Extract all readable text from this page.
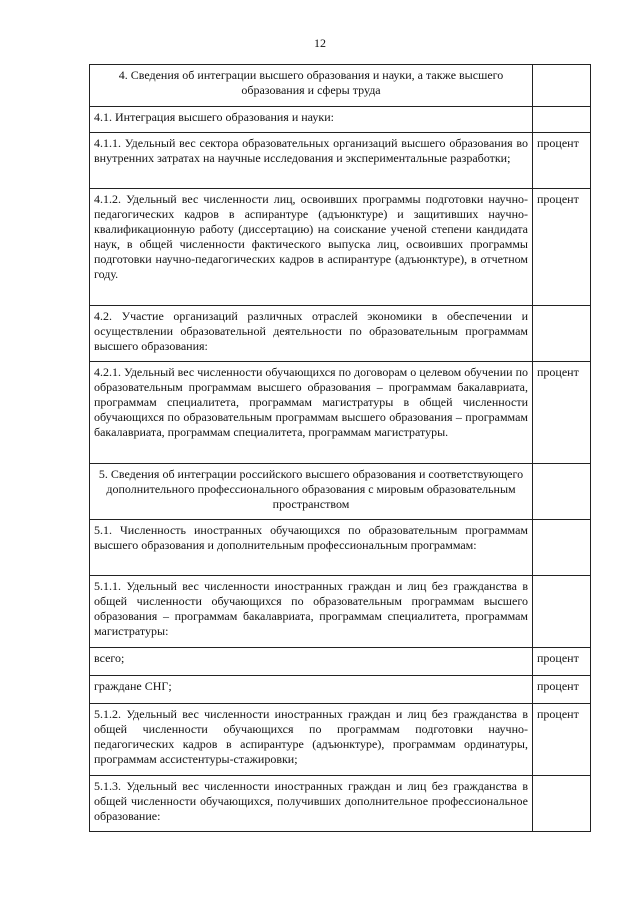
12
4. Сведения об интеграции высшего образования и науки, а также высшего образования и сферы труда	
4.1. Интеграция высшего образования и науки:	
4.1.1. Удельный вес сектора образовательных организаций высшего образования во внутренних затратах на научные исследования и экспериментальные разработки;	процент
4.1.2. Удельный вес численности лиц, освоивших программы подготовки научно-педагогических кадров в аспирантуре (адъюнктуре) и защитивших научно-квалификационную работу (диссертацию) на соискание ученой степени кандидата наук, в общей численности фактического выпуска лиц, освоивших программы подготовки научно-педагогических кадров в аспирантуре (адъюнктуре), в отчетном году.	процент
4.2. Участие организаций различных отраслей экономики в обеспечении и осуществлении образовательной деятельности по образовательным программам высшего образования:	
4.2.1. Удельный вес численности обучающихся по договорам о целевом обучении по образовательным программам высшего образования – программам бакалавриата, программам специалитета, программам магистратуры в общей численности обучающихся по образовательным программам высшего образования – программам бакалавриата, программам специалитета, программам магистратуры.	процент
5. Сведения об интеграции российского высшего образования и соответствующего дополнительного профессионального образования с мировым образовательным пространством	
5.1. Численность иностранных обучающихся по образовательным программам высшего образования и дополнительным профессиональным программам:	
5.1.1. Удельный вес численности иностранных граждан и лиц без гражданства в общей численности обучающихся по образовательным программам высшего образования – программам бакалавриата, программам специалитета, программам магистратуры:	
всего;	процент
граждане СНГ;	процент
5.1.2. Удельный вес численности иностранных граждан и лиц без гражданства в общей численности обучающихся по программам подготовки научно-педагогических кадров в аспирантуре (адъюнктуре), программам ординатуры, программам ассистентуры-стажировки;	процент
5.1.3. Удельный вес численности иностранных граждан и лиц без гражданства в общей численности обучающихся, получивших дополнительное профессиональное образование:	
